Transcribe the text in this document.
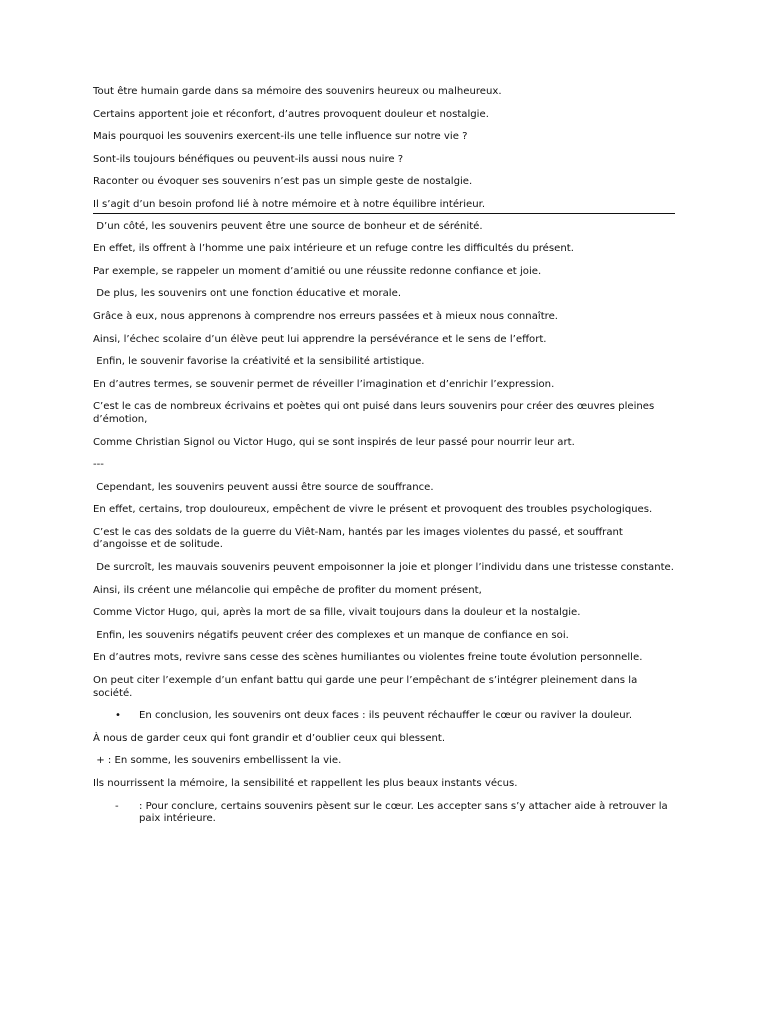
Tout être humain garde dans sa mémoire des souvenirs heureux ou malheureux.

Certains apportent joie et réconfort, d’autres provoquent douleur et nostalgie.

Mais pourquoi les souvenirs exercent-ils une telle influence sur notre vie ?

Sont-ils toujours bénéfiques ou peuvent-ils aussi nous nuire ?

Raconter ou évoquer ses souvenirs n’est pas un simple geste de nostalgie.

Il s’agit d’un besoin profond lié à notre mémoire et à notre équilibre intérieur.

D’un côté, les souvenirs peuvent être une source de bonheur et de sérénité.

En effet, ils offrent à l’homme une paix intérieure et un refuge contre les difficultés du présent.

Par exemple, se rappeler un moment d’amitié ou une réussite redonne confiance et joie.

De plus, les souvenirs ont une fonction éducative et morale.

Grâce à eux, nous apprenons à comprendre nos erreurs passées et à mieux nous connaître.

Ainsi, l’échec scolaire d’un élève peut lui apprendre la persévérance et le sens de l’effort.

Enfin, le souvenir favorise la créativité et la sensibilité artistique.

En d’autres termes, se souvenir permet de réveiller l’imagination et d’enrichir l’expression.

C’est le cas de nombreux écrivains et poètes qui ont puisé dans leurs souvenirs pour créer des œuvres pleines d’émotion,

Comme Christian Signol ou Victor Hugo, qui se sont inspirés de leur passé pour nourrir leur art.

---

Cependant, les souvenirs peuvent aussi être source de souffrance.

En effet, certains, trop douloureux, empêchent de vivre le présent et provoquent des troubles psychologiques.

C’est le cas des soldats de la guerre du Viêt-Nam, hantés par les images violentes du passé, et souffrant d’angoisse et de solitude.

De surcroît, les mauvais souvenirs peuvent empoisonner la joie et plonger l’individu dans une tristesse constante.

Ainsi, ils créent une mélancolie qui empêche de profiter du moment présent,

Comme Victor Hugo, qui, après la mort de sa fille, vivait toujours dans la douleur et la nostalgie.

Enfin, les souvenirs négatifs peuvent créer des complexes et un manque de confiance en soi.

En d’autres mots, revivre sans cesse des scènes humiliantes ou violentes freine toute évolution personnelle.

On peut citer l’exemple d’un enfant battu qui garde une peur l’empêchant de s’intégrer pleinement dans la société.

•	En conclusion, les souvenirs ont deux faces : ils peuvent réchauffer le cœur ou raviver la douleur.

À nous de garder ceux qui font grandir et d’oublier ceux qui blessent.

+ : En somme, les souvenirs embellissent la vie.

Ils nourrissent la mémoire, la sensibilité et rappellent les plus beaux instants vécus.

-	: Pour conclure, certains souvenirs pèsent sur le cœur. Les accepter sans s’y attacher aide à retrouver la paix intérieure.
